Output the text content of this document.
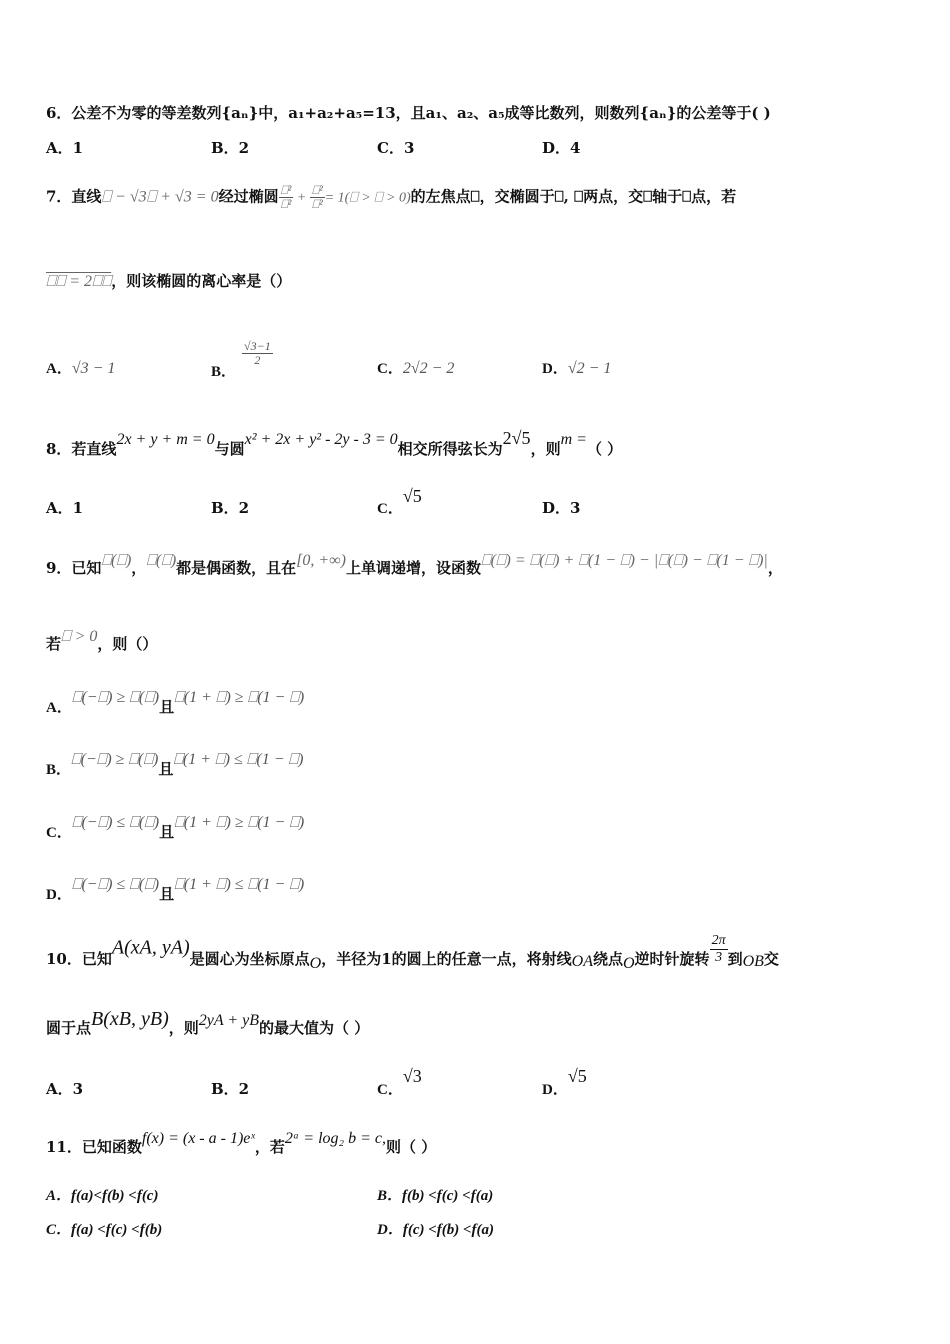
6．公差不为零的等差数列{aₙ}中，a₁+a₂+a₅=13，且a₁、a₂、a₅成等比数列，则数列{aₙ}的公差等于( )
A．1	B．2	C．3	D．4
7．直线⎕ − √3⎕ + √3 = 0经过椭圆 $\frac{\text{⎕²}}{\text{⎕²}} + \frac{\text{⎕²}}{\text{⎕²}}$ = 1(⎕ > ⎕ > 0)的左焦点⎕，交椭圆于⎕, ⎕两点，交⎕轴于⎕点，若
⎕⎕ = 2⎕⎕，则该椭圆的离心率是（）
A．√3 − 1	B．
$\frac{√3-1}{2}$
C．2√2 − 2	D．√2 − 1
8．若直线2x + y + m = 0与圆x² + 2x + y² - 2y - 3 = 0相交所得弦长为2√5，则m =（ ）
A．1	B．2	C．√5
D．3
9．已知⎕(⎕)，⎕(⎕)都是偶函数，且在[0, +∞)上单调递增，设函数⎕(⎕) = ⎕(⎕) + ⎕(1 − ⎕) − |⎕(⎕) − ⎕(1 − ⎕)|，
若⎕ > 0，则（）
A．⎕(−⎕) ≥ ⎕(⎕)且⎕(1 + ⎕) ≥ ⎕(1 − ⎕)
B．⎕(−⎕) ≥ ⎕(⎕)且⎕(1 + ⎕) ≤ ⎕(1 − ⎕)
C．⎕(−⎕) ≤ ⎕(⎕)且⎕(1 + ⎕) ≥ ⎕(1 − ⎕)
D．⎕(−⎕) ≤ ⎕(⎕)且⎕(1 + ⎕) ≤ ⎕(1 − ⎕)
10．已知A(xA, yA)是圆心为坐标原点O，半径为1的圆上的任意一点，将射线OA绕点O逆时针旋转 $\frac{2\pi}{3}$ 到OB交
圆于点B(xB, yB)，则2yA + yB的最大值为（ ）
A．3	B．2	C．√3
D．√5
11．已知函数f(x) = (x - a - 1)eˣ，若2ᵃ = log₂ b = c,则（ ）
A．f(a)<f(b) <f(c)	B．f(b) <f(c) <f(a)
C．f(a) <f(c) <f(b)	D．f(c) <f(b) <f(a)
